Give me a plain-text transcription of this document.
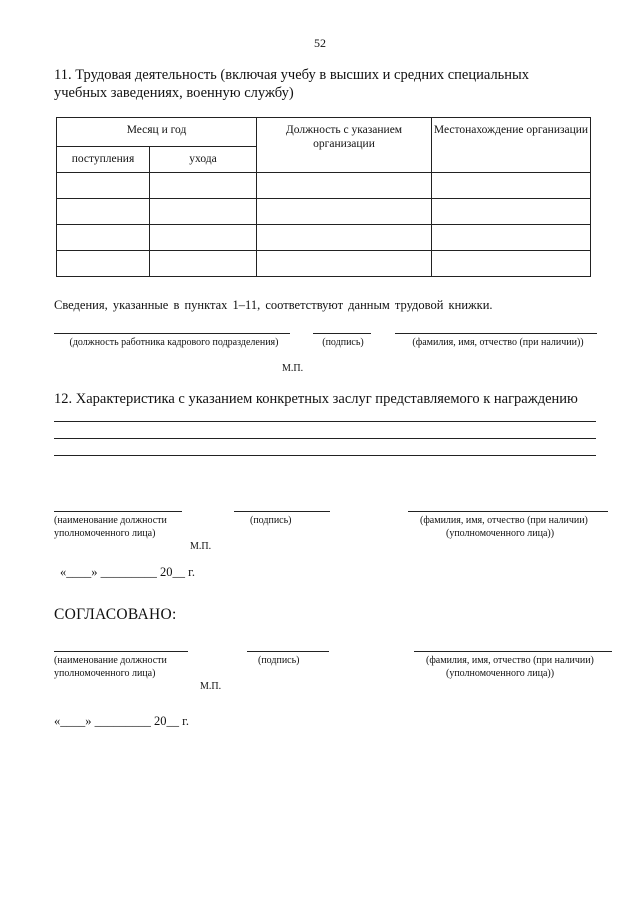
52
11. Трудовая деятельность (включая учебу в высших и средних специальных учебных заведениях, военную службу)
Месяц и год		Должность с указанием организации	Местонахождение организации
поступления	ухода		

Сведения, указанные в пунктах 1–11, соответствуют данным трудовой книжки.
(должность работника кадрового подразделения)	(подпись)	(фамилия, имя, отчество (при наличии))
М.П.
12. Характеристика с указанием конкретных заслуг представляемого к награждению
(наименование должности
уполномоченного лица)
(подпись)	(фамилия, имя, отчество (при наличии)
(уполномоченного лица))
М.П.
«____» _________ 20__ г.
СОГЛАСОВАНО:
(наименование должности
уполномоченного лица)
(подпись)	(фамилия, имя, отчество (при наличии)
(уполномоченного лица))
М.П.
«____» _________ 20__ г.
